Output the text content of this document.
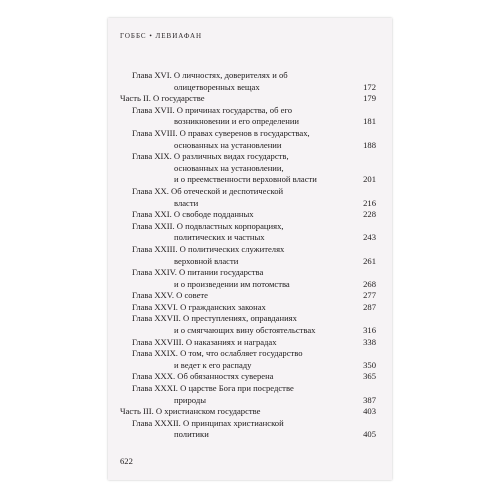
ГОББС • ЛЕВИАФАН
Глава XVI. О личностях, доверителях и об
олицетворенных вещах	172
Часть II. О государстве	179
Глава XVII. О причинах государства, об его
возникновении и его определении	181
Глава XVIII. О правах суверенов в государствах,
основанных на установлении	188
Глава XIX. О различных видах государств,
основанных на установлении,
и о преемственности верховной власти	201
Глава XX. Об отеческой и деспотической
власти	216
Глава XXI. О свободе подданных	228
Глава XXII. О подвластных корпорациях,
политических и частных	243
Глава XXIII. О политических служителях
верховной власти	261
Глава XXIV. О питании государства
и о произведении им потомства	268
Глава XXV. О совете	277
Глава XXVI. О гражданских законах	287
Глава XXVII. О преступлениях, оправданиях
и о смягчающих вину обстоятельствах	316
Глава XXVIII. О наказаниях и наградах	338
Глава XXIX. О том, что ослабляет государство
и ведет к его распаду	350
Глава XXX. Об обязанностях суверена	365
Глава XXXI. О царстве Бога при посредстве
природы	387
Часть III. О христианском государстве	403
Глава XXXII. О принципах христианской
политики	405
622
